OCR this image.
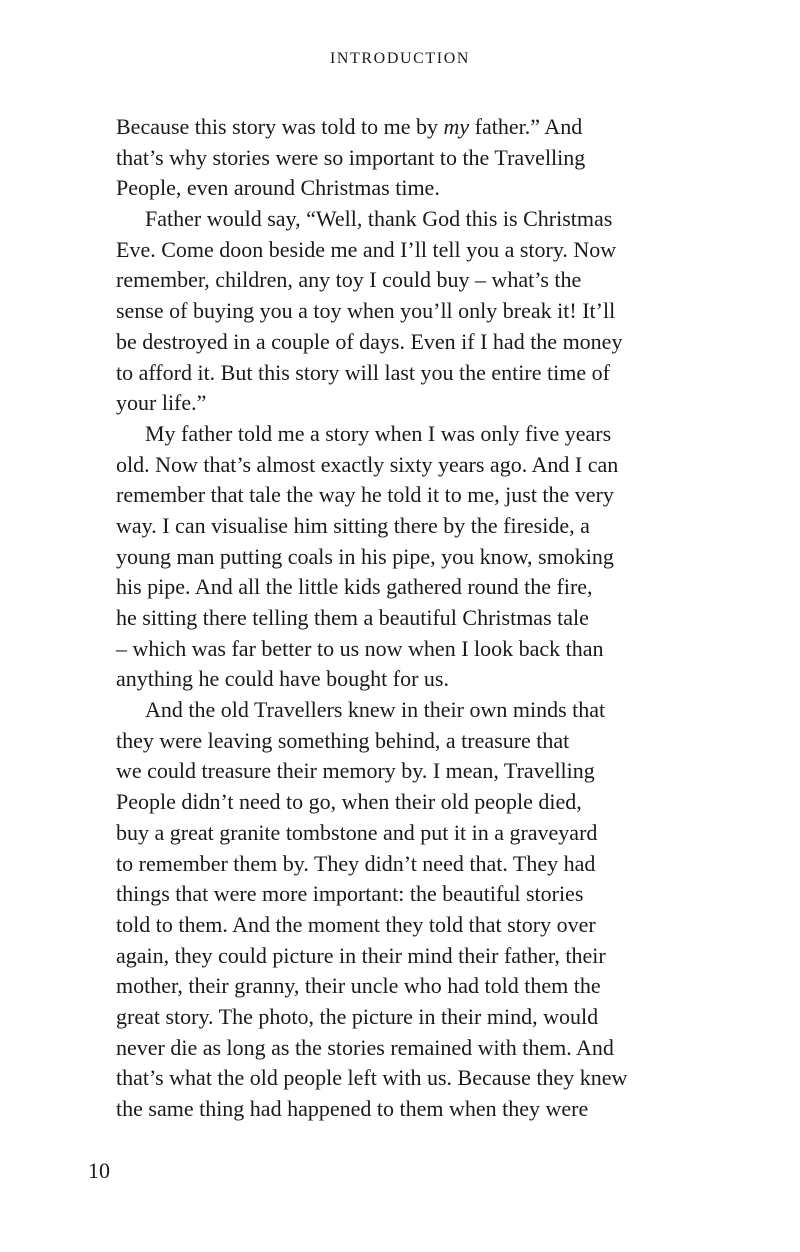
INTRODUCTION
Because this story was told to me by my father.” And
that’s why stories were so important to the Travelling
People, even around Christmas time.
Father would say, “Well, thank God this is Christmas
Eve. Come doon beside me and I’ll tell you a story. Now
remember, children, any toy I could buy – what’s the
sense of buying you a toy when you’ll only break it! It’ll
be destroyed in a couple of days. Even if I had the money
to afford it. But this story will last you the entire time of
your life.”
My father told me a story when I was only five years
old. Now that’s almost exactly sixty years ago. And I can
remember that tale the way he told it to me, just the very
way. I can visualise him sitting there by the fireside, a
young man putting coals in his pipe, you know, smoking
his pipe. And all the little kids gathered round the fire,
he sitting there telling them a beautiful Christmas tale
– which was far better to us now when I look back than
anything he could have bought for us.
And the old Travellers knew in their own minds that
they were leaving something behind, a treasure that
we could treasure their memory by. I mean, Travelling
People didn’t need to go, when their old people died,
buy a great granite tombstone and put it in a graveyard
to remember them by. They didn’t need that. They had
things that were more important: the beautiful stories
told to them. And the moment they told that story over
again, they could picture in their mind their father, their
mother, their granny, their uncle who had told them the
great story. The photo, the picture in their mind, would
never die as long as the stories remained with them. And
that’s what the old people left with us. Because they knew
the same thing had happened to them when they were
10
